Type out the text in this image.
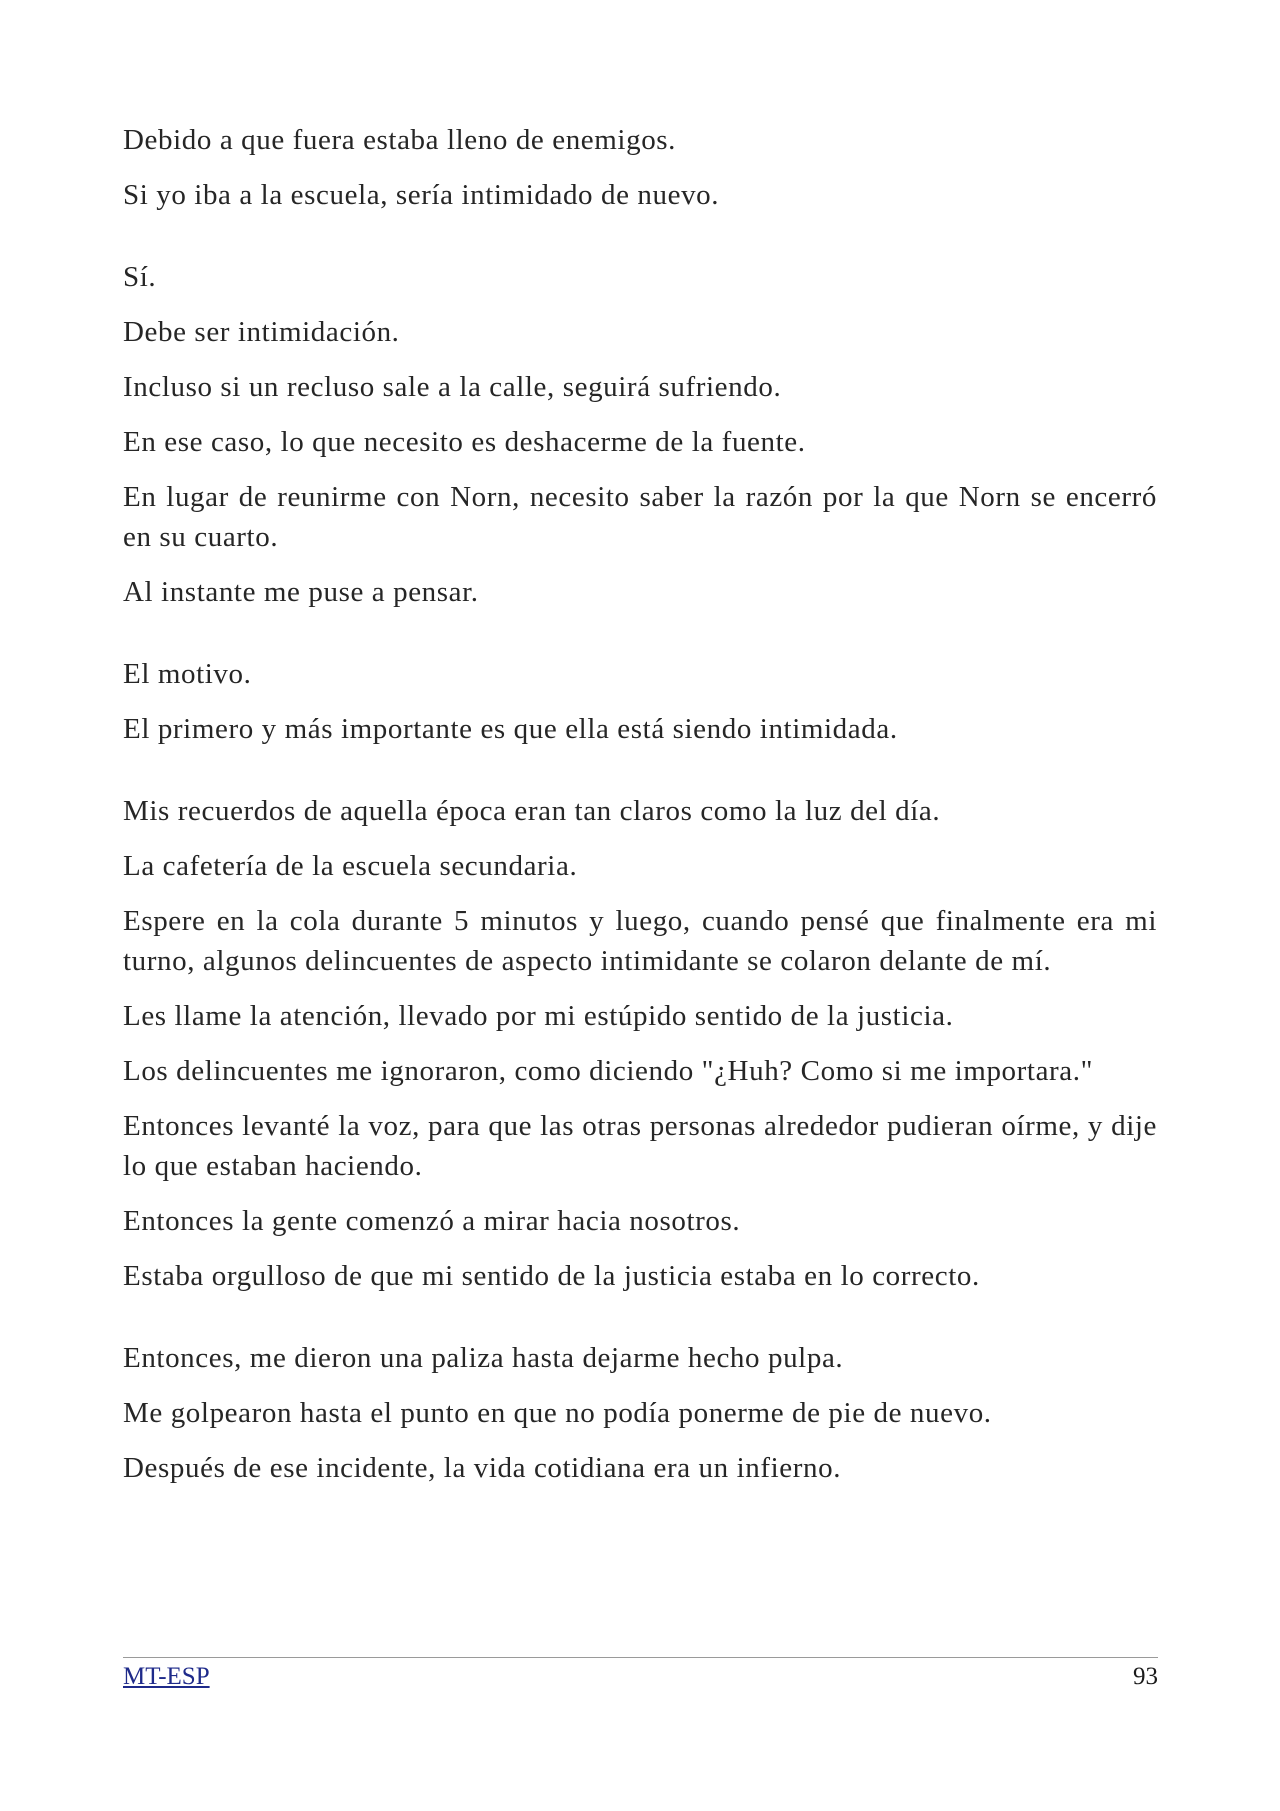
Debido a que fuera estaba lleno de enemigos.

Si yo iba a la escuela, sería intimidado de nuevo.

Sí.

Debe ser intimidación.

Incluso si un recluso sale a la calle, seguirá sufriendo.

En ese caso, lo que necesito es deshacerme de la fuente.

En lugar de reunirme con Norn, necesito saber la razón por la que Norn se encerró en su cuarto.

Al instante me puse a pensar.

El motivo.

El primero y más importante es que ella está siendo intimidada.

Mis recuerdos de aquella época eran tan claros como la luz del día.

La cafetería de la escuela secundaria.

Espere en la cola durante 5 minutos y luego, cuando pensé que finalmente era mi turno, algunos delincuentes de aspecto intimidante se colaron delante de mí.

Les llame la atención, llevado por mi estúpido sentido de la justicia.

Los delincuentes me ignoraron, como diciendo "¿Huh? Como si me importara."

Entonces levanté la voz, para que las otras personas alrededor pudieran oírme, y dije lo que estaban haciendo.

Entonces la gente comenzó a mirar hacia nosotros.

Estaba orgulloso de que mi sentido de la justicia estaba en lo correcto.

Entonces, me dieron una paliza hasta dejarme hecho pulpa.

Me golpearon hasta el punto en que no podía ponerme de pie de nuevo.

Después de ese incidente, la vida cotidiana era un infierno.

MT-ESP	93
